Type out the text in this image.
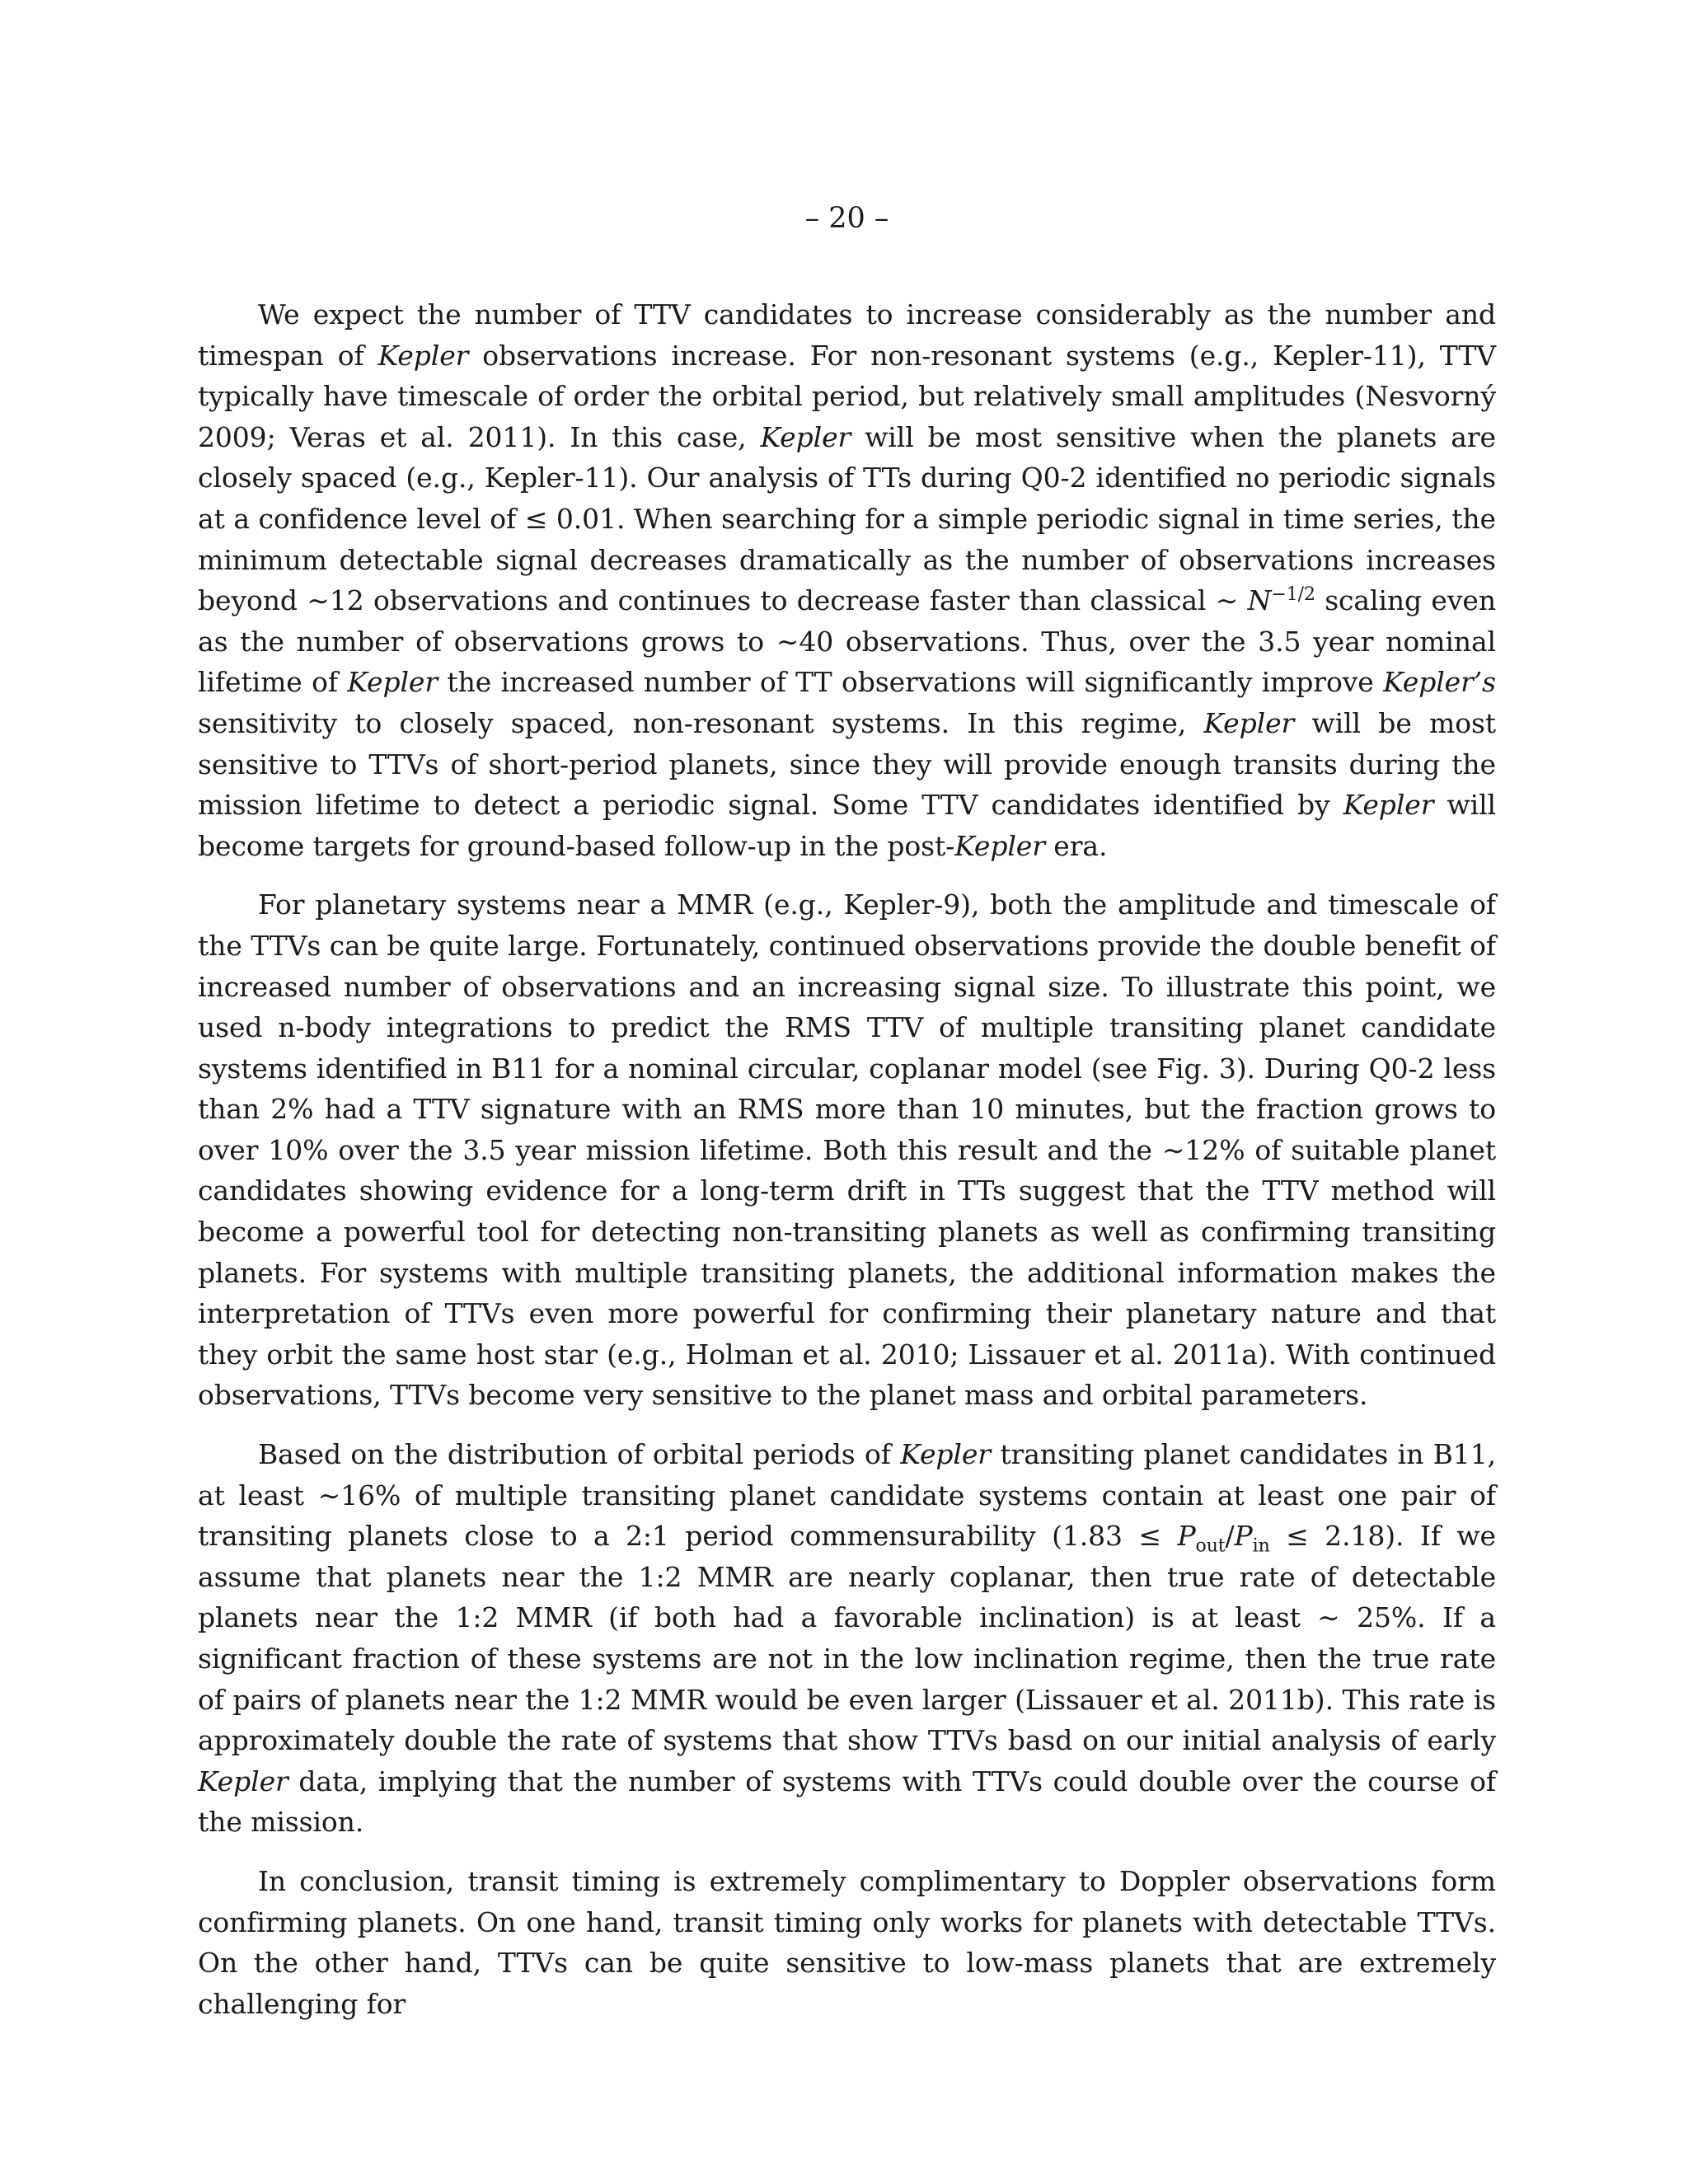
– 20 –

We expect the number of TTV candidates to increase considerably as the number and timespan of Kepler observations increase. For non-resonant systems (e.g., Kepler-11), TTV typically have timescale of order the orbital period, but relatively small amplitudes (Nesvorný 2009; Veras et al. 2011). In this case, Kepler will be most sensitive when the planets are closely spaced (e.g., Kepler-11). Our analysis of TTs during Q0-2 identified no periodic signals at a confidence level of ≤ 0.01. When searching for a simple periodic signal in time series, the minimum detectable signal decreases dramatically as the number of observations increases beyond ∼12 observations and continues to decrease faster than classical ∼ $N^{-1/2}$ scaling even as the number of observations grows to ∼40 observations. Thus, over the 3.5 year nominal lifetime of Kepler the increased number of TT observations will significantly improve Kepler’s sensitivity to closely spaced, non-resonant systems. In this regime, Kepler will be most sensitive to TTVs of short-period planets, since they will provide enough transits during the mission lifetime to detect a periodic signal. Some TTV candidates identified by Kepler will become targets for ground-based follow-up in the post-Kepler era.

For planetary systems near a MMR (e.g., Kepler-9), both the amplitude and timescale of the TTVs can be quite large. Fortunately, continued observations provide the double benefit of increased number of observations and an increasing signal size. To illustrate this point, we used n-body integrations to predict the RMS TTV of multiple transiting planet candidate systems identified in B11 for a nominal circular, coplanar model (see Fig. 3). During Q0-2 less than 2% had a TTV signature with an RMS more than 10 minutes, but the fraction grows to over 10% over the 3.5 year mission lifetime. Both this result and the ∼12% of suitable planet candidates showing evidence for a long-term drift in TTs suggest that the TTV method will become a powerful tool for detecting non-transiting planets as well as confirming transiting planets. For systems with multiple transiting planets, the additional information makes the interpretation of TTVs even more powerful for confirming their planetary nature and that they orbit the same host star (e.g., Holman et al. 2010; Lissauer et al. 2011a). With continued observations, TTVs become very sensitive to the planet mass and orbital parameters.

Based on the distribution of orbital periods of Kepler transiting planet candidates in B11, at least ∼16% of multiple transiting planet candidate systems contain at least one pair of transiting planets close to a 2:1 period commensurability $(1.83 \le P_{out}/P_{in} \le 2.18)$. If we assume that planets near the 1:2 MMR are nearly coplanar, then true rate of detectable planets near the 1:2 MMR (if both had a favorable inclination) is at least ∼ 25%. If a significant fraction of these systems are not in the low inclination regime, then the true rate of pairs of planets near the 1:2 MMR would be even larger (Lissauer et al. 2011b). This rate is approximately double the rate of systems that show TTVs basd on our initial analysis of early Kepler data, implying that the number of systems with TTVs could double over the course of the mission.

In conclusion, transit timing is extremely complimentary to Doppler observations form confirming planets. On one hand, transit timing only works for planets with detectable TTVs. On the other hand, TTVs can be quite sensitive to low-mass planets that are extremely challenging for
